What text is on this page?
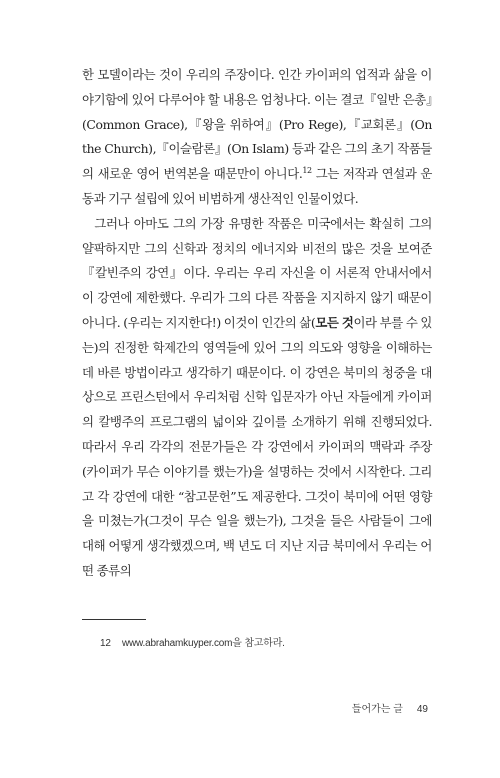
한 모델이라는 것이 우리의 주장이다. 인간 카이퍼의 업적과 삶을 이야기함에 있어 다루어야 할 내용은 엄청나다. 이는 결코『일반 은총』(Common Grace),『왕을 위하여』(Pro Rege),『교회론』(On the Church),『이슬람론』(On Islam) 등과 같은 그의 초기 작품들의 새로운 영어 번역본을 때문만이 아니다.$^{12}$ 그는 저작과 연설과 운동과 기구 설립에 있어 비범하게 생산적인 인물이었다.

그러나 아마도 그의 가장 유명한 작품은 미국에서는 확실히 그의 얄팍하지만 그의 신학과 정치의 에너지와 비전의 많은 것을 보여준『칼빈주의 강연』이다. 우리는 우리 자신을 이 서론적 안내서에서 이 강연에 제한했다. 우리가 그의 다른 작품을 지지하지 않기 때문이 아니다. (우리는 지지한다!) 이것이 인간의 삶(모든 것이라 부를 수 있는)의 진정한 학제간의 영역들에 있어 그의 의도와 영향을 이해하는데 바른 방법이라고 생각하기 때문이다. 이 강연은 북미의 청중을 대상으로 프린스턴에서 우리처럼 신학 입문자가 아닌 자들에게 카이퍼의 칼뱅주의 프로그램의 넓이와 깊이를 소개하기 위해 진행되었다. 따라서 우리 각각의 전문가들은 각 강연에서 카이퍼의 맥락과 주장(카이퍼가 무슨 이야기를 했는가)을 설명하는 것에서 시작한다. 그리고 각 강연에 대한 “참고문헌”도 제공한다. 그것이 북미에 어떤 영향을 미쳤는가(그것이 무슨 일을 했는가), 그것을 들은 사람들이 그에 대해 어떻게 생각했겠으며, 백 년도 더 지난 지금 북미에서 우리는 어떤 종류의

12 www.abrahamkuyper.com을 참고하라.
들어가는 글 49
